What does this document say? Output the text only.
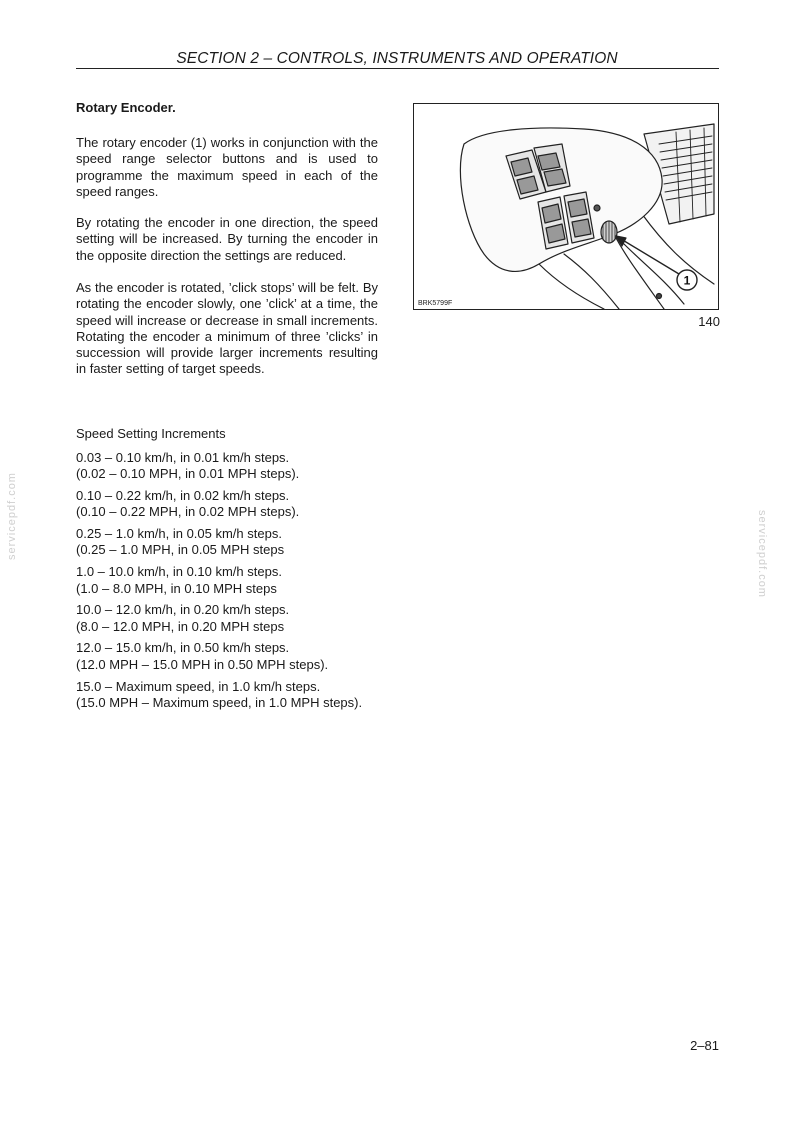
SECTION 2 – CONTROLS, INSTRUMENTS AND OPERATION
Rotary Encoder.

The rotary encoder (1) works in conjunction with the speed range selector buttons and is used to programme the maximum speed in each of the speed ranges.

By rotating the encoder in one direction, the speed setting will be increased. By turning the encoder in the opposite direction the settings are reduced.

As the encoder is rotated, ’click stops’ will be felt. By rotating the encoder slowly, one ’click’ at a time, the speed will increase or decrease in small increments. Rotating the encoder a minimum of three ’clicks’ in succession will provide larger increments resulting in faster setting of target speeds.

1
BRK5799F
140
Speed Setting Increments
0.03 – 0.10 km/h, in 0.01 km/h steps.
(0.02 – 0.10 MPH, in 0.01 MPH steps).
0.10 – 0.22 km/h, in 0.02 km/h steps.
(0.10 – 0.22 MPH, in 0.02 MPH steps).
0.25 – 1.0 km/h, in 0.05 km/h steps.
(0.25 – 1.0 MPH, in 0.05 MPH steps
1.0 – 10.0 km/h, in 0.10 km/h steps.
(1.0 – 8.0 MPH, in 0.10 MPH steps
10.0 – 12.0 km/h, in 0.20 km/h steps.
(8.0 – 12.0 MPH, in 0.20 MPH steps
12.0 – 15.0 km/h, in 0.50 km/h steps.
(12.0 MPH – 15.0 MPH in 0.50 MPH steps).
15.0 – Maximum speed, in 1.0 km/h steps.
(15.0 MPH – Maximum speed, in 1.0 MPH steps).
2–81
servicepdf.com	servicepdf.com
